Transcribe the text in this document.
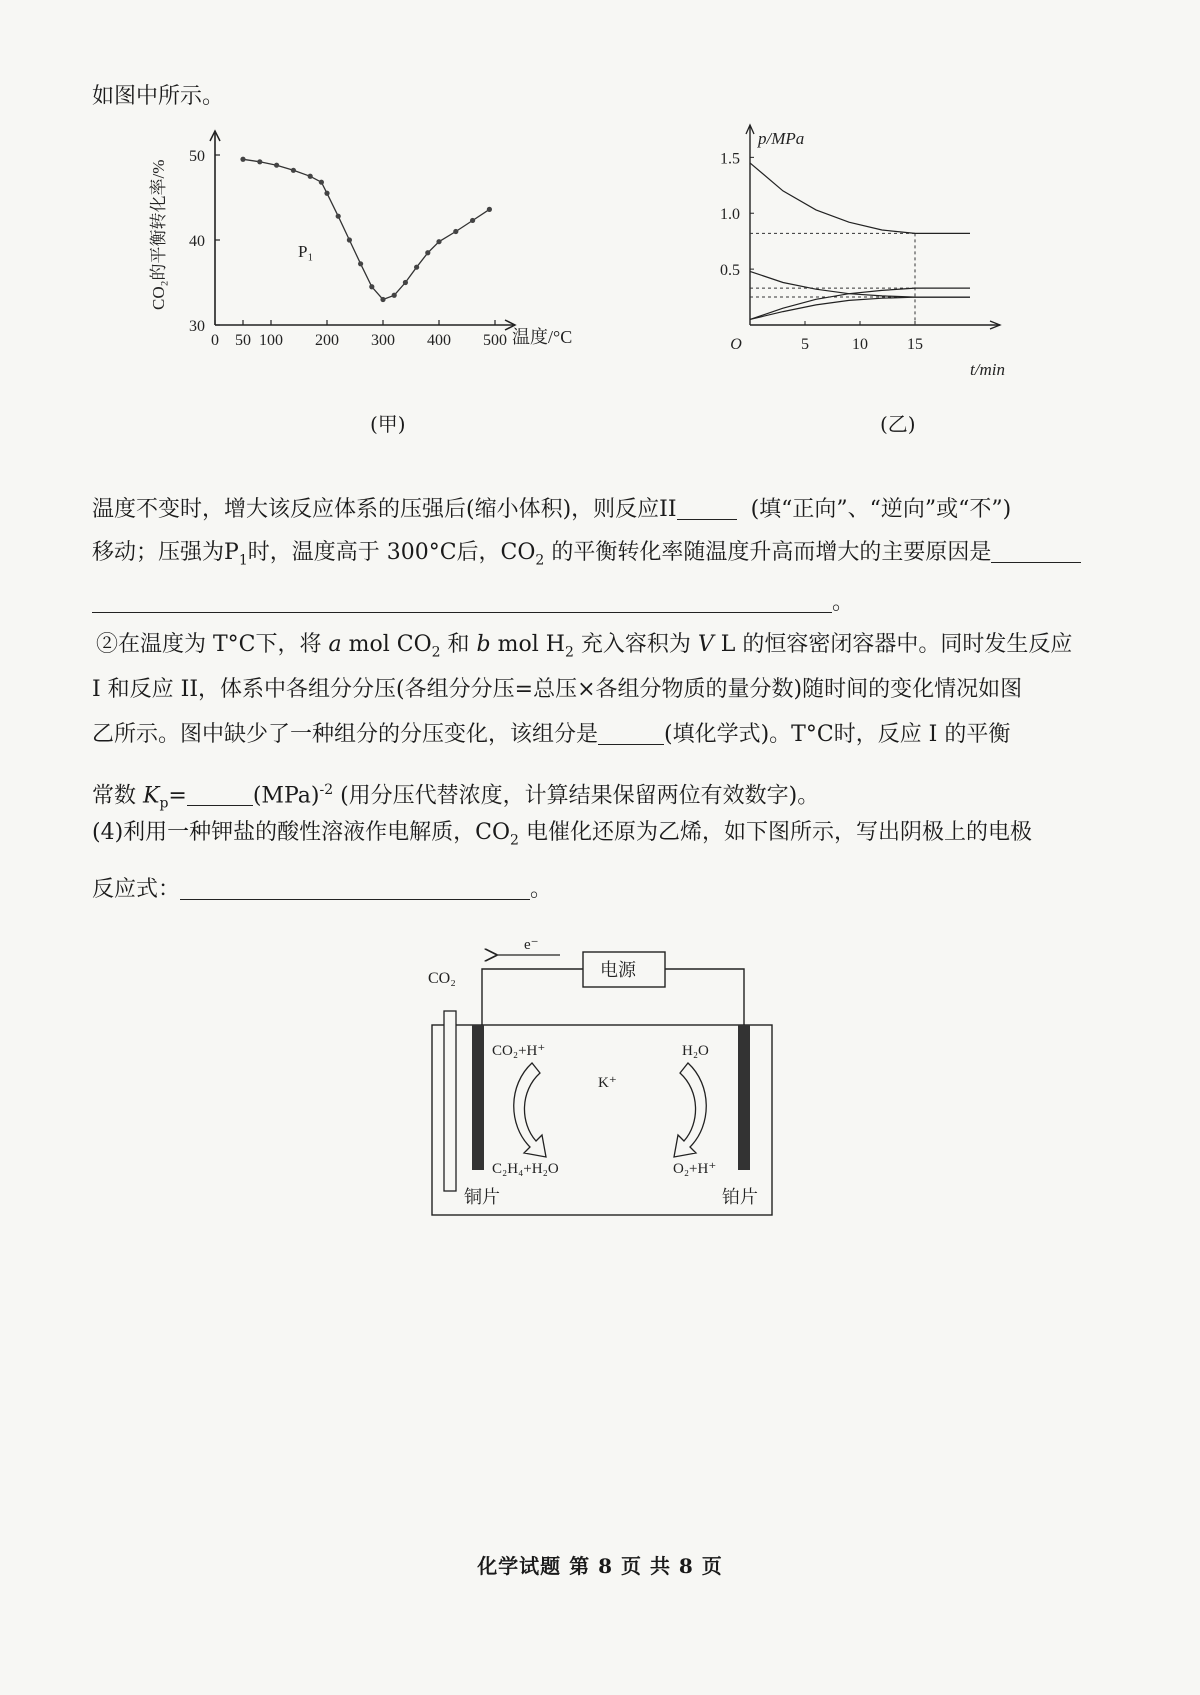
如图中所示。
0 50 100 200 300 400 500
30
40
50
P₁
温度/°C
CO₂的平衡转化率/%
(甲)
O	5	10 15
0.5
1.0
1.5
p/MPa
t/min
(乙)
温度不变时，增大该反应体系的压强后(缩小体积)，则反应II	(填“正向”、“逆向”或“不”)
移动；压强为$P_1$时，温度高于 300°C后，$CO_2$ 的平衡转化率随温度升高而增大的主要原因是
。
②在温度为 T°C下，将 a mol $CO_2$ 和 b mol $H_2$ 充入容积为 V L 的恒容密闭容器中。同时发生反应
I 和反应 II，体系中各组分分压(各组分分压=总压×各组分物质的量分数)随时间的变化情况如图
乙所示。图中缺少了一种组分的分压变化，该组分是	(填化学式)。T°C时，反应 I 的平衡
常数 $K_p=$	(MPa)$^{-2}$ (用分压代替浓度，计算结果保留两位有效数字)。
(4)利用一种钾盐的酸性溶液作电解质，$CO_2$ 电催化还原为乙烯，如下图所示，写出阴极上的电极
反应式：	。
电源
e⁻
CO₂
CO₂+H⁺
C₂H₄+H₂O
H₂O
O₂+H⁺
K⁺
铜片	铂片
化学试题 第 8 页 共 8 页
